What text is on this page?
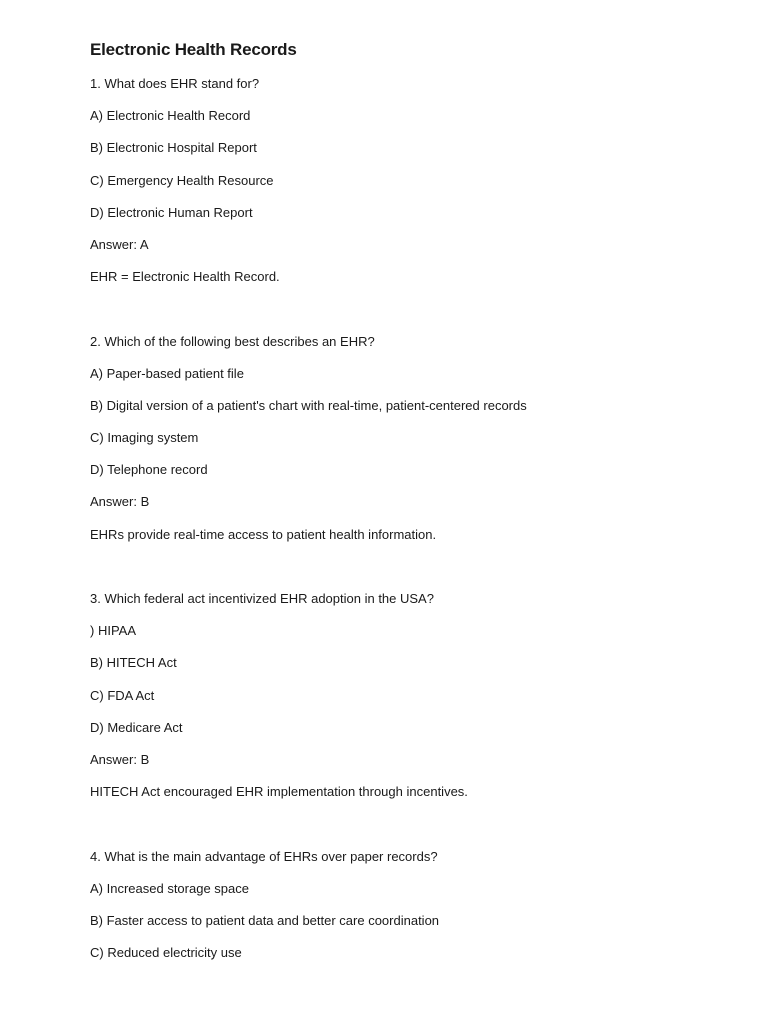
Electronic Health Records
1. What does EHR stand for?
A) Electronic Health Record
B) Electronic Hospital Report
C) Emergency Health Resource
D) Electronic Human Report
Answer: A
EHR = Electronic Health Record.
2. Which of the following best describes an EHR?
A) Paper-based patient file
B) Digital version of a patient's chart with real-time, patient-centered records
C) Imaging system
D) Telephone record
Answer: B
EHRs provide real-time access to patient health information.
3. Which federal act incentivized EHR adoption in the USA?
) HIPAA
B) HITECH Act
C) FDA Act
D) Medicare Act
Answer: B
HITECH Act encouraged EHR implementation through incentives.
4. What is the main advantage of EHRs over paper records?
A) Increased storage space
B) Faster access to patient data and better care coordination
C) Reduced electricity use
